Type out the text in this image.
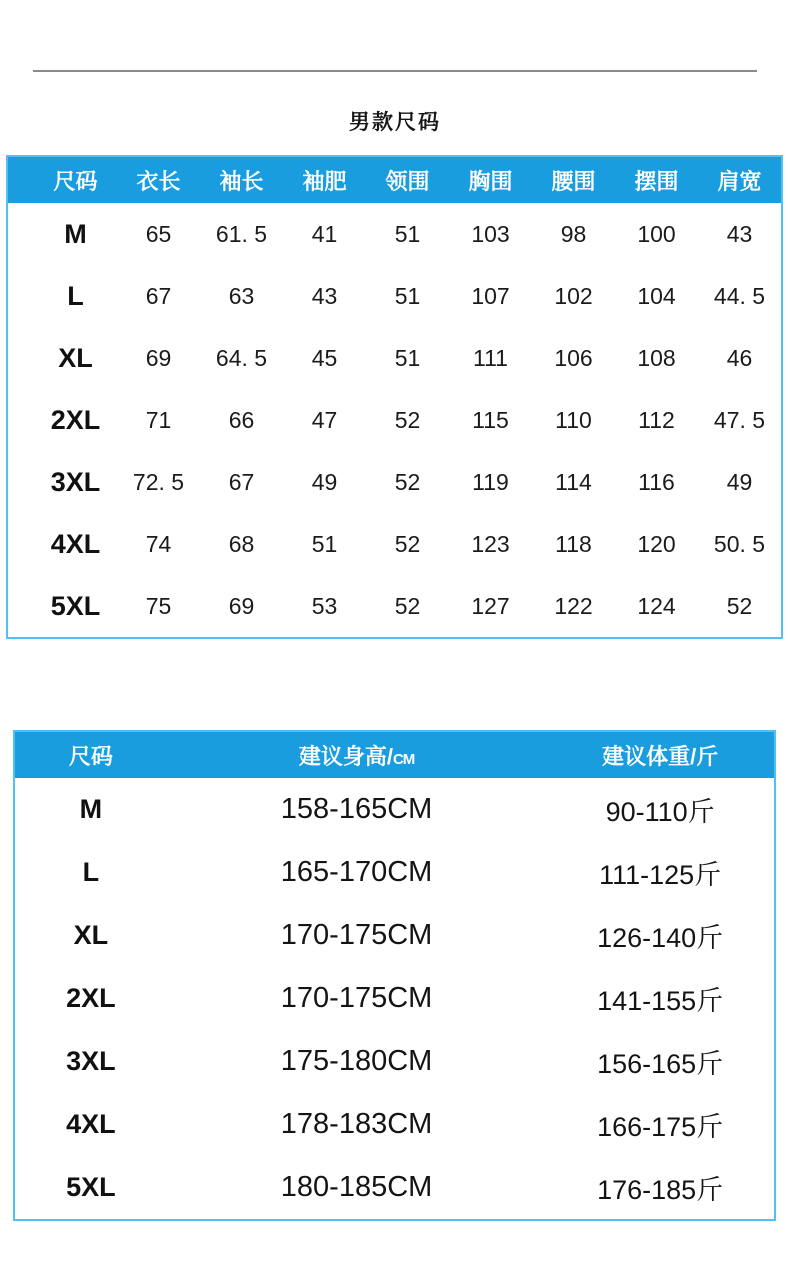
男款尺码
尺码	衣长	袖长	袖肥	领围	胸围	腰围	摆围	肩宽
M	65	61. 5	41	51	103	98	100	43
L	67	63	43	51	107	102	104	44. 5
XL	69	64. 5	45	51	111	106	108	46
2XL	71	66	47	52	115	110	112	47. 5
3XL	72. 5	67	49	52	119	114	116	49
4XL	74	68	51	52	123	118	120	50. 5
5XL	75	69	53	52	127	122	124	52
尺码	建议身高/CM	建议体重/斤
M	158-165CM	90-110斤
L	165-170CM	111-125斤
XL	170-175CM	126-140斤
2XL	170-175CM	141-155斤
3XL	175-180CM	156-165斤
4XL	178-183CM	166-175斤
5XL	180-185CM	176-185斤
